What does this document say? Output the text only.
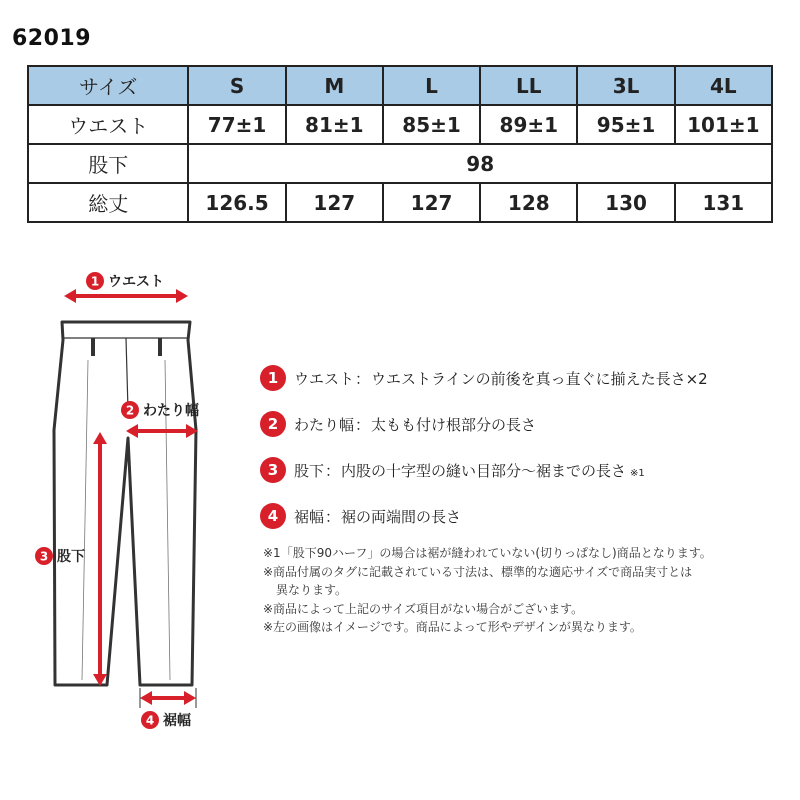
62019
サイズ	S	M	L	LL	3L	4L
ウエスト	77±1	81±1	85±1	89±1	95±1	101±1
股下	98					
総丈	126.5	127	127	128	130	131
1 ウエスト
2 わたり幅
3 股下
4 裾幅
1	ウエスト：ウエストラインの前後を真っ直ぐに揃えた長さ×2
2	わたり幅：太もも付け根部分の長さ
3	股下：内股の十字型の縫い目部分～裾までの長さ ※1
4	裾幅：裾の両端間の長さ
※1「股下90ハーフ」の場合は裾が縫われていない(切りっぱなし)商品となります。
※商品付属のタグに記載されている寸法は、標準的な適応サイズで商品実寸とは
異なります。
※商品によって上記のサイズ項目がない場合がございます。
※左の画像はイメージです。商品によって形やデザインが異なります。
